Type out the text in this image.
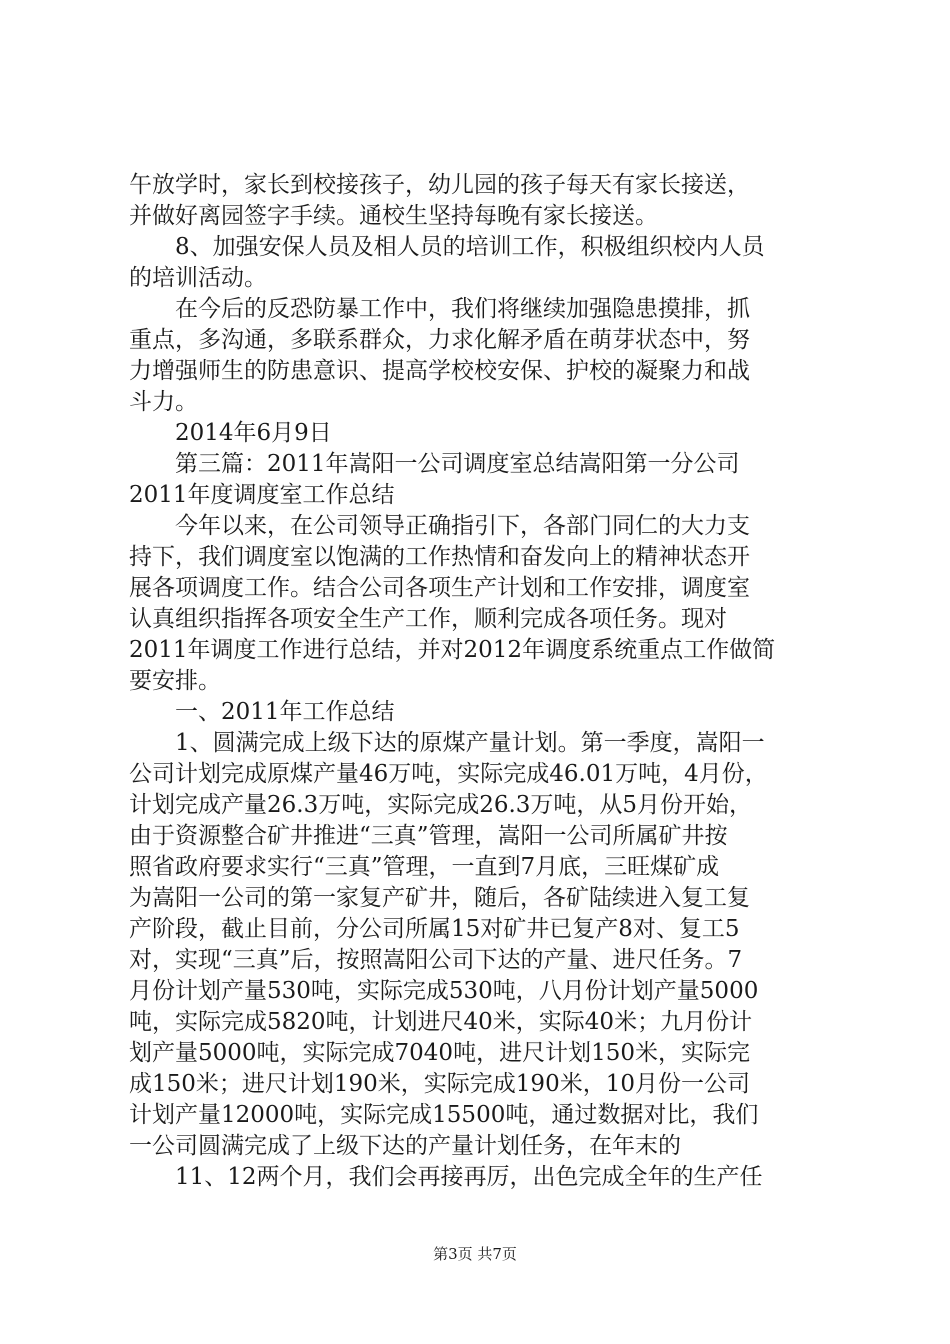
午放学时，家长到校接孩子，幼儿园的孩子每天有家长接送，
并做好离园签字手续。通校生坚持每晚有家长接送。
8、加强安保人员及相人员的培训工作，积极组织校内人员
的培训活动。
在今后的反恐防暴工作中，我们将继续加强隐患摸排，抓
重点，多沟通，多联系群众，力求化解矛盾在萌芽状态中，努
力增强师生的防患意识、提高学校校安保、护校的凝聚力和战
斗力。
2014年6月9日
第三篇：2011年嵩阳一公司调度室总结嵩阳第一分公司
2011年度调度室工作总结
今年以来，在公司领导正确指引下，各部门同仁的大力支
持下，我们调度室以饱满的工作热情和奋发向上的精神状态开
展各项调度工作。结合公司各项生产计划和工作安排，调度室
认真组织指挥各项安全生产工作，顺利完成各项任务。现对
2011年调度工作进行总结，并对2012年调度系统重点工作做简
要安排。
一、2011年工作总结
1、圆满完成上级下达的原煤产量计划。第一季度，嵩阳一
公司计划完成原煤产量46万吨，实际完成46.01万吨，4月份，
计划完成产量26.3万吨，实际完成26.3万吨，从5月份开始，
由于资源整合矿井推进“三真”管理，嵩阳一公司所属矿井按
照省政府要求实行“三真”管理，一直到7月底，三旺煤矿成
为嵩阳一公司的第一家复产矿井，随后，各矿陆续进入复工复
产阶段，截止目前，分公司所属15对矿井已复产8对、复工5
对，实现“三真”后，按照嵩阳公司下达的产量、进尺任务。7
月份计划产量530吨，实际完成530吨，八月份计划产量5000
吨，实际完成5820吨，计划进尺40米，实际40米；九月份计
划产量5000吨，实际完成7040吨，进尺计划150米，实际完
成150米；进尺计划190米，实际完成190米，10月份一公司
计划产量12000吨，实际完成15500吨，通过数据对比，我们
一公司圆满完成了上级下达的产量计划任务，在年末的
11、12两个月，我们会再接再厉，出色完成全年的生产任
第3页 共7页
